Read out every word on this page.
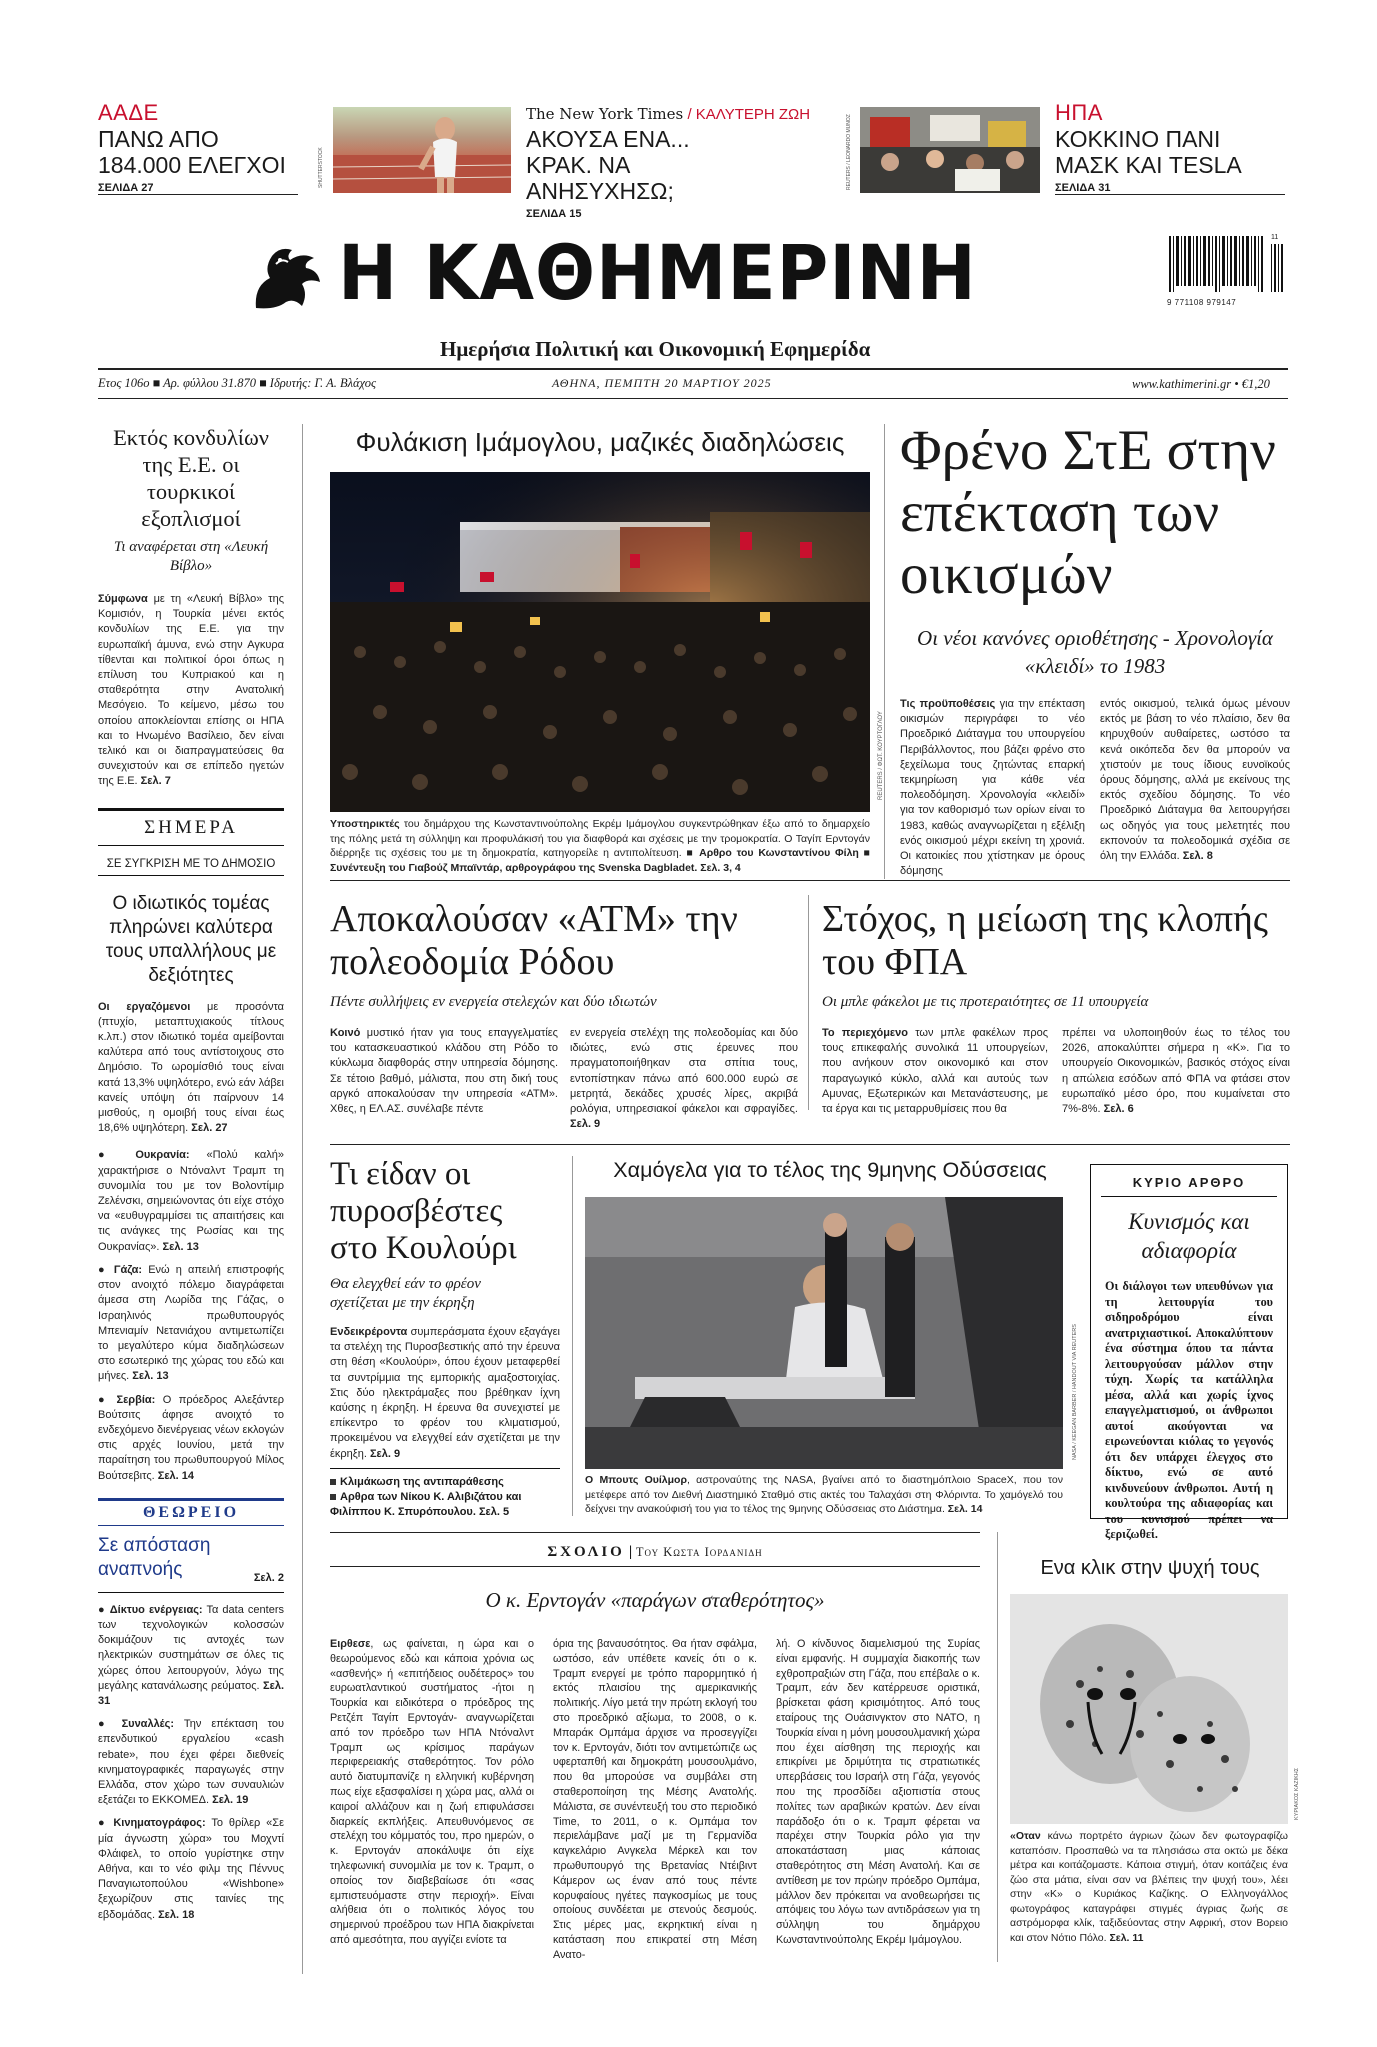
ΑΑΔΕ
ΠΑΝΩ ΑΠΟ 184.000 ΕΛΕΓΧΟΙ
ΣΕΛΙΔΑ 27	SHUTTERSTOCK
The New York Times / ΚΑΛΥΤΕΡΗ ΖΩΗ
ΑΚΟΥΣΑ ΕΝΑ... ΚΡΑΚ. ΝΑ ΑΝΗΣΥΧΗΣΩ;
ΣΕΛΙΔΑ 15
REUTERS / LEONARDO MUNOZ
ΗΠΑ
ΚΟΚΚΙΝΟ ΠΑΝΙ ΜΑΣΚ ΚΑΙ TESLA
ΣΕΛΙΔΑ 31
Η ΚΑΘΗΜΕΡΙΝΗ	9 771108 979147
11
Ημερήσια Πολιτική και Οικονομική Εφημερίδα
Ετος 106ο ■ Αρ. φύλλου 31.870 ■ Ιδρυτής: Γ. Α. Βλάχος	ΑΘΗΝΑ, ΠΕΜΠΤΗ 20 ΜΑΡΤΙΟΥ 2025	www.kathimerini.gr • €1,20
Εκτός κονδυλίων της Ε.Ε. οι τουρκικοί εξοπλισμοί
Τι αναφέρεται στη «Λευκή Βίβλο»
Σύμφωνα με τη «Λευκή Βίβλο» της Κομισιόν, η Τουρκία μένει εκτός κονδυλίων της Ε.Ε. για την ευρωπαϊκή άμυνα, ενώ στην Αγκυρα τίθενται και πολιτικοί όροι όπως η επίλυση του Κυπριακού και η σταθερότητα στην Ανατολική Μεσόγειο. Το κείμενο, μέσω του οποίου αποκλείονται επίσης οι ΗΠΑ και το Ηνωμένο Βασίλειο, δεν είναι τελικό και οι διαπραγματεύσεις θα συνεχιστούν και σε επίπεδο ηγετών της Ε.Ε. Σελ. 7
ΣΗΜΕΡΑ
ΣΕ ΣΥΓΚΡΙΣΗ ΜΕ ΤΟ ΔΗΜΟΣΙΟ
Ο ιδιωτικός τομέας πληρώνει καλύτερα τους υπαλλήλους με δεξιότητες
Οι εργαζόμενοι με προσόντα (πτυχίο, μεταπτυχιακούς τίτλους κ.λπ.) στον ιδιωτικό τομέα αμείβονται καλύτερα από τους αντίστοιχους στο Δημόσιο. Το ωρομίσθιό τους είναι κατά 13,3% υψηλότερο, ενώ εάν λάβει κανείς υπόψη ότι παίρνουν 14 μισθούς, η ομοιβή τους είναι έως 18,6% υψηλότερη. Σελ. 27
● Ουκρανία: «Πολύ καλή» χαρακτήρισε ο Ντόναλντ Τραμπ τη συνομιλία του με τον Βολοντίμιρ Ζελένσκι, σημειώνοντας ότι είχε στόχο να «ευθυγραμμίσει τις απαιτήσεις και τις ανάγκες της Ρωσίας και της Ουκρανίας». Σελ. 13
● Γάζα: Ενώ η απειλή επιστροφής στον ανοιχτό πόλεμο διαγράφεται άμεσα στη Λωρίδα της Γάζας, ο Ισραηλινός πρωθυπουργός Μπενιαμίν Νετανιάχου αντιμετωπίζει το μεγαλύτερο κύμα διαδηλώσεων στο εσωτερικό της χώρας του εδώ και μήνες. Σελ. 13
● Σερβία: Ο πρόεδρος Αλεξάντερ Βούτσιτς άφησε ανοιχτό το ενδεχόμενο διενέργειας νέων εκλογών στις αρχές Ιουνίου, μετά την παραίτηση του πρωθυπουργού Μίλος Βούτσεβιτς. Σελ. 14
ΘΕΩΡΕΙΟ
Σε απόσταση αναπνοής	Σελ. 2
● Δίκτυο ενέργειας: Τα data centers των τεχνολογικών κολοσσών δοκιμάζουν τις αντοχές των ηλεκτρικών συστημάτων σε όλες τις χώρες όπου λειτουργούν, λόγω της μεγάλης κατανάλωσης ρεύματος. Σελ. 31
● Συναλλές: Την επέκταση του επενδυτικού εργαλείου «cash rebate», που έχει φέρει διεθνείς κινηματογραφικές παραγωγές στην Ελλάδα, στον χώρο των συναυλιών εξετάζει το ΕΚΚΟΜΕΔ. Σελ. 19
● Κινηματογράφος: Το θρίλερ «Σε μία άγνωστη χώρα» του Μοχντί Φλάιφελ, το οποίο γυρίστηκε στην Αθήνα, και το νέο φιλμ της Πέννυς Παναγιωτοπούλου «Wishbone» ξεχωρίζουν στις ταινίες της εβδομάδας. Σελ. 18
Φυλάκιση Ιμάμογλου, μαζικές διαδηλώσεις
REUTERS / ΦΩΤ. ΚΟΥΡΤΟΓΛΟΥ
Υποστηρικτές του δημάρχου της Κωνσταντινούπολης Εκρέμ Ιμάμογλου συγκεντρώθηκαν έξω από το δημαρχείο της πόλης μετά τη σύλληψη και προφυλάκισή του για διαφθορά και σχέσεις με την τρομοκρατία. Ο Ταγίπ Ερντογάν διέρρηξε τις σχέσεις του με τη δημοκρατία, κατηγορείλε η αντιπολίτευση. ■ Αρθρο του Κωνσταντίνου Φίλη ■ Συνέντευξη του Γιαβούζ Μπαϊντάρ, αρθρογράφου της Svenska Dagbladet. Σελ. 3, 4
Φρένο ΣτΕ στην επέκταση των οικισμών
Οι νέοι κανόνες οριοθέτησης - Χρονολογία «κλειδί» το 1983
Τις προϋποθέσεις για την επέκταση οικισμών περιγράφει το νέο Προεδρικό Διάταγμα του υπουργείου Περιβάλλοντος, που βάζει φρένο στο ξεχείλωμα τους ζητώντας επαρκή τεκμηρίωση για κάθε νέα πολεοδόμηση. Χρονολογία «κλειδί» για τον καθορισμό των ορίων είναι το 1983, καθώς αναγνωρίζεται η εξέλιξη ενός οικισμού μέχρι εκείνη τη χρονιά. Οι κατοικίες που χτίστηκαν με όρους δόμησης
εντός οικισμού, τελικά όμως μένουν εκτός με βάση το νέο πλαίσιο, δεν θα κηρυχθούν αυθαίρετες, ωστόσο τα κενά οικόπεδα δεν θα μπορούν να χτιστούν με τους ίδιους ευνοϊκούς όρους δόμησης, αλλά με εκείνους της εκτός σχεδίου δόμησης. Το νέο Προεδρικό Διάταγμα θα λειτουργήσει ως οδηγός για τους μελετητές που εκπονούν τα πολεοδομικά σχέδια σε όλη την Ελλάδα. Σελ. 8
Αποκαλούσαν «ΑΤΜ» την πολεοδομία Ρόδου
Πέντε συλλήψεις εν ενεργεία στελεχών και δύο ιδιωτών
Κοινό μυστικό ήταν για τους επαγγελματίες του κατασκευαστικού κλάδου στη Ρόδο το κύκλωμα διαφθοράς στην υπηρεσία δόμησης. Σε τέτοιο βαθμό, μάλιστα, που στη δική τους αργκό αποκαλούσαν την υπηρεσία «ΑΤΜ». Χθες, η ΕΛ.ΑΣ. συνέλαβε πέντε
εν ενεργεία στελέχη της πολεοδομίας και δύο ιδιώτες, ενώ στις έρευνες που πραγματοποιήθηκαν στα σπίτια τους, εντοπίστηκαν πάνω από 600.000 ευρώ σε μετρητά, δεκάδες χρυσές λίρες, ακριβά ρολόγια, υπηρεσιακοί φάκελοι και σφραγίδες. Σελ. 9
Στόχος, η μείωση της κλοπής του ΦΠΑ
Οι μπλε φάκελοι με τις προτεραιότητες σε 11 υπουργεία
Το περιεχόμενο των μπλε φακέλων προς τους επικεφαλής συνολικά 11 υπουργείων, που ανήκουν στον οικονομικό και στον παραγωγικό κύκλο, αλλά και αυτούς των Αμυνας, Εξωτερικών και Μετανάστευσης, με τα έργα και τις μεταρρυθμίσεις που θα
πρέπει να υλοποιηθούν έως το τέλος του 2026, αποκαλύπτει σήμερα η «Κ». Για το υπουργείο Οικονομικών, βασικός στόχος είναι η απώλεια εσόδων από ΦΠΑ να φτάσει στον ευρωπαϊκό μέσο όρο, που κυμαίνεται στο 7%-8%. Σελ. 6
Τι είδαν οι πυροσβέστες στο Κουλούρι
Θα ελεγχθεί εάν το φρέον σχετίζεται με την έκρηξη
Ενδεικρέροντα συμπεράσματα έχουν εξαγάγει τα στελέχη της Πυροσβεστικής από την έρευνα στη θέση «Κουλούρι», όπου έχουν μεταφερθεί τα συντρίμμια της εμπορικής αμαξοστοιχίας. Στις δύο ηλεκτράμαξες που βρέθηκαν ίχνη καύσης η έκρηξη. Η έρευνα θα συνεχιστεί με επίκεντρο το φρέον του κλιματισμού, προκειμένου να ελεγχθεί εάν σχετίζεται με την έκρηξη. Σελ. 9
Κλιμάκωση της αντιπαράθεσης
Αρθρα των Νίκου Κ. Αλιβιζάτου και Φιλίππου Κ. Σπυρόπουλου. Σελ. 5
Χαμόγελα για το τέλος της 9μηνης Οδύσσειας
NASA / KEEGAN BARBER / HANDOUT VIA REUTERS
Ο Μπουτς Ουίλμορ, αστροναύτης της NASA, βγαίνει από το διαστημόπλοιο SpaceX, που τον μετέφερε από τον Διεθνή Διαστημικό Σταθμό στις ακτές του Ταλαχάσι στη Φλόριντα. Το χαμόγελό του δείχνει την ανακούφισή του για το τέλος της 9μηνης Οδύσσειας στο Διάστημα. Σελ. 14
ΚΥΡΙΟ ΑΡΘΡΟ
Κυνισμός και αδιαφορία
Οι διάλογοι των υπευθύνων για τη λειτουργία του σιδηροδρόμου είναι ανατριχιαστικοί. Αποκαλύπτουν ένα σύστημα όπου τα πάντα λειτουργούσαν μάλλον στην τύχη. Χωρίς τα κατάλληλα μέσα, αλλά και χωρίς ίχνος επαγγελματισμού, οι άνθρωποι αυτοί ακούγονται να ειρωνεύονται κιόλας το γεγονός ότι δεν υπάρχει έλεγχος στο δίκτυο, ενώ σε αυτό κινδυνεύουν άνθρωποι. Αυτή η κουλτούρα της αδιαφορίας και του κυνισμού πρέπει να ξεριζωθεί.
ΣΧΟΛΙΟ | Του Κωστα Ιορδανιδη
Ο κ. Ερντογάν «παράγων σταθερότητος»
Ειρθεσε, ως φαίνεται, η ώρα και ο θεωρούμενος εδώ και κάποια χρόνια ως «ασθενής» ή «επιτήδειος ουδέτερος» του ευρωατλαντικού συστήματος -ήτοι η Τουρκία και ειδικότερα ο πρόεδρος της Ρετζέπ Ταγίπ Ερντογάν- αναγνωρίζεται από τον πρόεδρο των ΗΠΑ Ντόναλντ Τραμπ ως κρίσιμος παράγων περιφερειακής σταθερότητος. Τον ρόλο αυτό διατυμπανίζε η ελληνική κυβέρνηση πως είχε εξασφαλίσει η χώρα μας, αλλά οι καιροί αλλάζουν και η ζωή επιφυλάσσει διαρκείς εκπλήξεις. Απευθυνόμενος σε στελέχη του κόμματός του, προ ημερών, ο κ. Ερντογάν αποκάλυψε ότι είχε τηλεφωνική συνομιλία με τον κ. Τραμπ, ο οποίος τον διαβεβαίωσε ότι «σας εμπιστευόμαστε στην περιοχή». Είναι αλήθεια ότι ο πολιτικός λόγος του σημερινού προέδρου των ΗΠΑ διακρίνεται από αμεσότητα, που αγγίζει ενίοτε τα
όρια της βαναυσότητος. Θα ήταν σφάλμα, ωστόσο, εάν υπέθετε κανείς ότι ο κ. Τραμπ ενεργεί με τρόπο παρορμητικό ή εκτός πλαισίου της αμερικανικής πολιτικής. Λίγο μετά την πρώτη εκλογή του στο προεδρικό αξίωμα, το 2008, ο κ. Μπαράκ Ομπάμα άρχισε να προσεγγίζει τον κ. Ερντογάν, διότι τον αντιμετώπιζε ως υφερταπθή και δημοκράτη μουσουλμάνο, που θα μπορούσε να συμβάλει στη σταθεροποίηση της Μέσης Ανατολής. Μάλιστα, σε συνέντευξή του στο περιοδικό Time, το 2011, ο κ. Ομπάμα τον περιελάμβανε μαζί με τη Γερμανίδα καγκελάριο Ανγκελα Μέρκελ και τον πρωθυπουργό της Βρετανίας Ντέιβιντ Κάμερον ως έναν από τους πέντε κορυφαίους ηγέτες παγκοσμίως με τους οποίους συνδέεται με στενούς δεσμούς. Στις μέρες μας, εκρηκτική είναι η κατάσταση που επικρατεί στη Μέση Ανατο-
λή. Ο κίνδυνος διαμελισμού της Συρίας είναι εμφανής. Η συμμαχία διακοπής των εχθροπραξιών στη Γάζα, που επέβαλε ο κ. Τραμπ, εάν δεν κατέρρευσε οριστικά, βρίσκεται φάση κρισιμότητος. Από τους εταίρους της Ουάσινγκτον στο ΝΑΤΟ, η Τουρκία είναι η μόνη μουσουλμανική χώρα που έχει αίσθηση της περιοχής και επικρίνει με δριμύτητα τις στρατιωτικές υπερβάσεις του Ισραήλ στη Γάζα, γεγονός που της προσδίδει αξιοπιστία στους πολίτες των αραβικών κρατών. Δεν είναι παράδοξο ότι ο κ. Τραμπ φέρεται να παρέχει στην Τουρκία ρόλο για την αποκατάσταση μιας κάποιας σταθερότητος στη Μέση Ανατολή. Και σε αντίθεση με τον πρώην πρόεδρο Ομπάμα, μάλλον δεν πρόκειται να ανοθεωρήσει τις απόψεις του λόγω των αντιδράσεων για τη σύλληψη του δημάρχου Κωνσταντινούπολης Εκρέμ Ιμάμογλου.
Ενα κλικ στην ψυχή τους
ΚΥΡΙΑΚΟΣ ΚΑΖΙΚΗΣ
«Οταν κάνω πορτρέτο άγριων ζώων δεν φωτογραφίζω καταπόσιν. Προσπαθώ να τα πλησιάσω στα οκτώ με δέκα μέτρα και κοιτάζομαστε. Κάποια στιγμή, όταν κοιτάζεις ένα ζώο στα μάτια, είναι σαν να βλέπεις την ψυχή του», λέει στην «Κ» ο Κυριάκος Καζίκης. Ο Ελληνογάλλος φωτογράφος καταγράφει στιγμές άγριας ζωής σε αστρόμορφα κλίκ, ταξιδεύοντας στην Αφρική, στον Βορειο και στον Νότιο Πόλο. Σελ. 11
